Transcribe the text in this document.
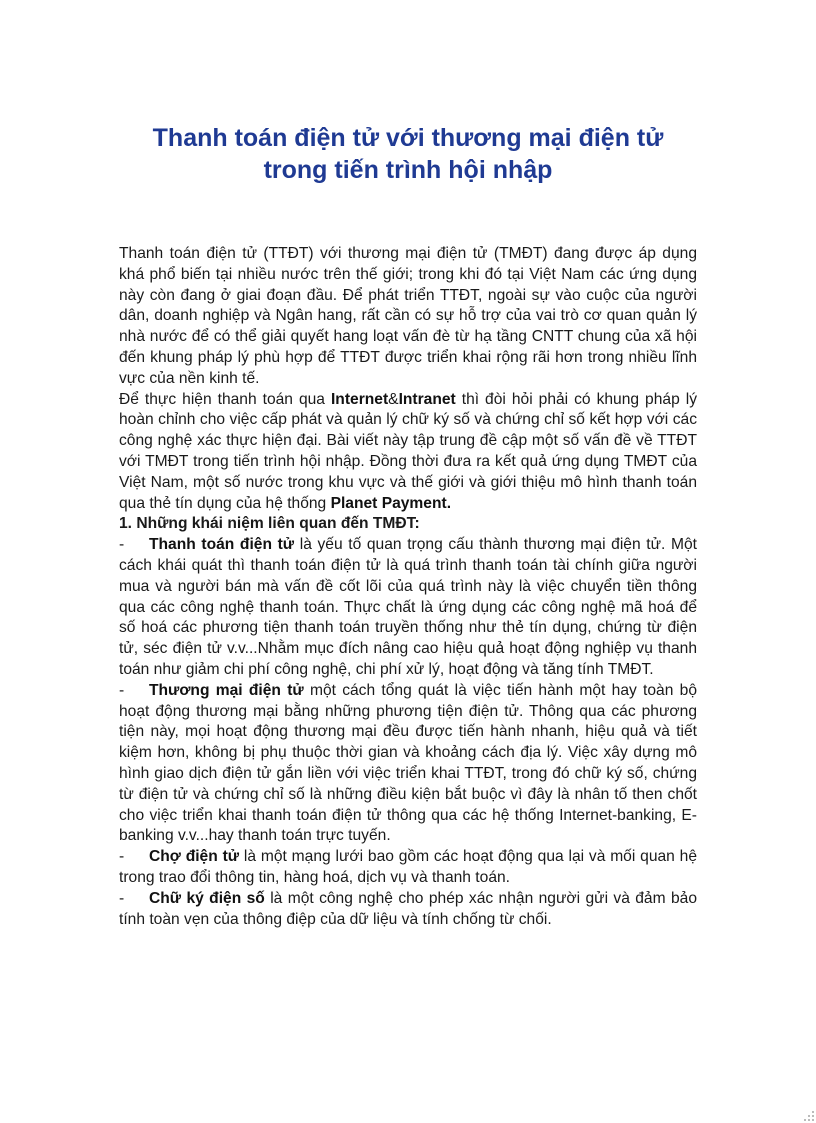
Thanh toán điện tử với thương mại điện tử
trong tiến trình hội nhập

Thanh toán điện tử (TTĐT) với thương mại điện tử (TMĐT) đang được áp dụng khá phổ biến tại nhiều nước trên thế giới; trong khi đó tại Việt Nam các ứng dụng này còn đang ở giai đoạn đầu. Để phát triển TTĐT, ngoài sự vào cuộc của người dân, doanh nghiệp và Ngân hang, rất cần có sự hỗ trợ của vai trò cơ quan quản lý nhà nước để có thể giải quyết hang loạt vấn đè từ hạ tầng CNTT chung của xã hội đến khung pháp lý phù hợp để TTĐT được triển khai rộng rãi hơn trong nhiều lĩnh vực của nền kinh tế.

Để thực hiện thanh toán qua Internet&Intranet thì đòi hỏi phải có khung pháp lý hoàn chỉnh cho việc cấp phát và quản lý chữ ký số và chứng chỉ số kết hợp với các công nghệ xác thực hiện đại. Bài viết này tập trung đề cập một số vấn đề về TTĐT với TMĐT trong tiến trình hội nhập. Đồng thời đưa ra kết quả ứng dụng TMĐT của Việt Nam, một số nước trong khu vực và thế giới và giới thiệu mô hình thanh toán qua thẻ tín dụng của hệ thống Planet Payment.

1. Những khái niệm liên quan đến TMĐT:

- Thanh toán điện tử là yếu tố quan trọng cấu thành thương mại điện tử. Một cách khái quát thì thanh toán điện tử là quá trình thanh toán tài chính giữa người mua và người bán mà vấn đề cốt lõi của quá trình này là việc chuyển tiền thông qua các công nghệ thanh toán. Thực chất là ứng dụng các công nghệ mã hoá để số hoá các phương tiện thanh toán truyền thống như thẻ tín dụng, chứng từ điện tử, séc điện tử v.v...Nhằm mục đích nâng cao hiệu quả hoạt động nghiệp vụ thanh toán như giảm chi phí công nghệ, chi phí xử lý, hoạt động và tăng tính TMĐT.

- Thương mại điện tử một cách tổng quát là việc tiến hành một hay toàn bộ hoạt động thương mại bằng những phương tiện điện tử. Thông qua các phương tiện này, mọi hoạt động thương mại đều được tiến hành nhanh, hiệu quả và tiết kiệm hơn, không bị phụ thuộc thời gian và khoảng cách địa lý. Việc xây dựng mô hình giao dịch điện tử gắn liền với việc triển khai TTĐT, trong đó chữ ký số, chứng từ điện tử và chứng chỉ số là những điều kiện bắt buộc vì đây là nhân tố then chốt cho việc triển khai thanh toán điện tử thông qua các hệ thống Internet-banking, E-banking v.v...hay thanh toán trực tuyến.

- Chợ điện tử là một mạng lưới bao gồm các hoạt động qua lại và mối quan hệ trong trao đổi thông tin, hàng hoá, dịch vụ và thanh toán.

- Chữ ký điện số là một công nghệ cho phép xác nhận người gửi và đảm bảo tính toàn vẹn của thông điệp của dữ liệu và tính chống từ chối.
